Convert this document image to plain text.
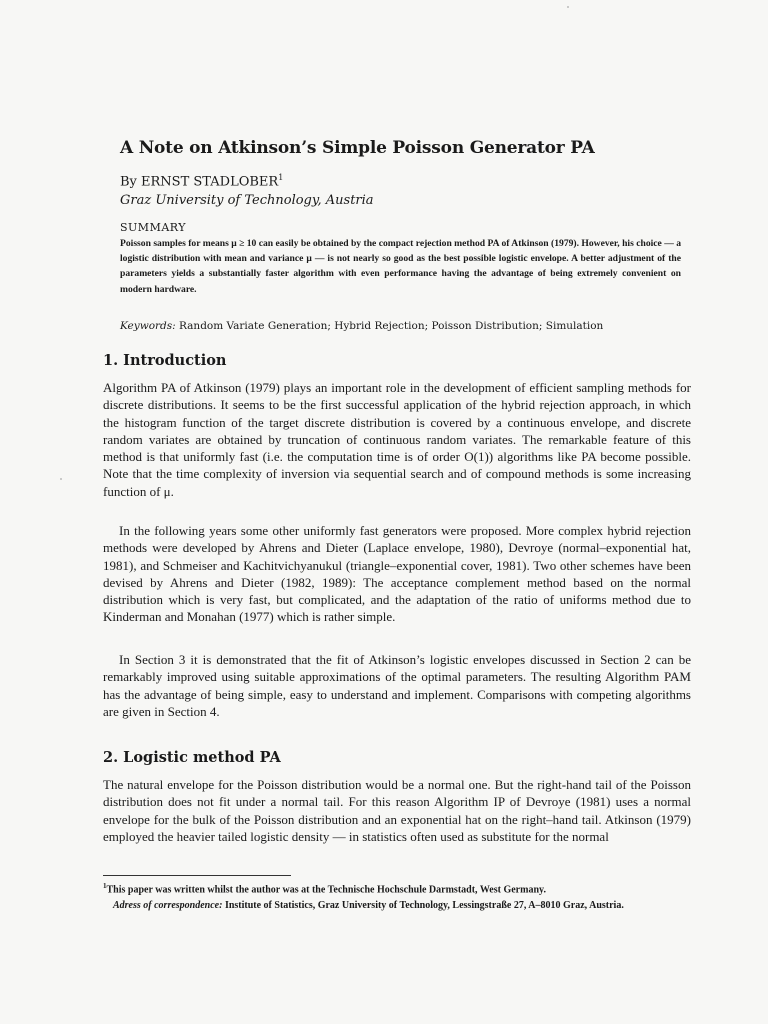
A Note on Atkinson’s Simple Poisson Generator PA
By ERNST STADLOBER$^1$
Graz University of Technology, Austria
SUMMARY
Poisson samples for means μ ≥ 10 can easily be obtained by the compact rejection method PA of Atkinson (1979). However, his choice — a logistic distribution with mean and variance μ — is not nearly so good as the best possible logistic envelope. A better adjustment of the parameters yields a substantially faster algorithm with even performance having the advantage of being extremely convenient on modern hardware.
Keywords: Random Variate Generation; Hybrid Rejection; Poisson Distribution; Simulation
1. Introduction
Algorithm PA of Atkinson (1979) plays an important role in the development of efficient sampling methods for discrete distributions. It seems to be the first successful application of the hybrid rejection approach, in which the histogram function of the target discrete distribution is covered by a continuous envelope, and discrete random variates are obtained by truncation of continuous random variates. The remarkable feature of this method is that uniformly fast (i.e. the computation time is of order O(1)) algorithms like PA become possible. Note that the time complexity of inversion via sequential search and of compound methods is some increasing function of μ.
In the following years some other uniformly fast generators were proposed. More complex hybrid rejection methods were developed by Ahrens and Dieter (Laplace envelope, 1980), Devroye (normal–exponential hat, 1981), and Schmeiser and Kachitvichyanukul (triangle–exponential cover, 1981). Two other schemes have been devised by Ahrens and Dieter (1982, 1989): The acceptance complement method based on the normal distribution which is very fast, but complicated, and the adaptation of the ratio of uniforms method due to Kinderman and Monahan (1977) which is rather simple.
In Section 3 it is demonstrated that the fit of Atkinson’s logistic envelopes discussed in Section 2 can be remarkably improved using suitable approximations of the optimal parameters. The resulting Algorithm PAM has the advantage of being simple, easy to understand and implement. Comparisons with competing algorithms are given in Section 4.
2. Logistic method PA
The natural envelope for the Poisson distribution would be a normal one. But the right-hand tail of the Poisson distribution does not fit under a normal tail. For this reason Algorithm IP of Devroye (1981) uses a normal envelope for the bulk of the Poisson distribution and an exponential hat on the right–hand tail. Atkinson (1979) employed the heavier tailed logistic density — in statistics often used as substitute for the normal
$^1$This paper was written whilst the author was at the Technische Hochschule Darmstadt, West Germany.
Adress of correspondence: Institute of Statistics, Graz University of Technology, Lessingstraße 27, A–8010 Graz, Austria.
